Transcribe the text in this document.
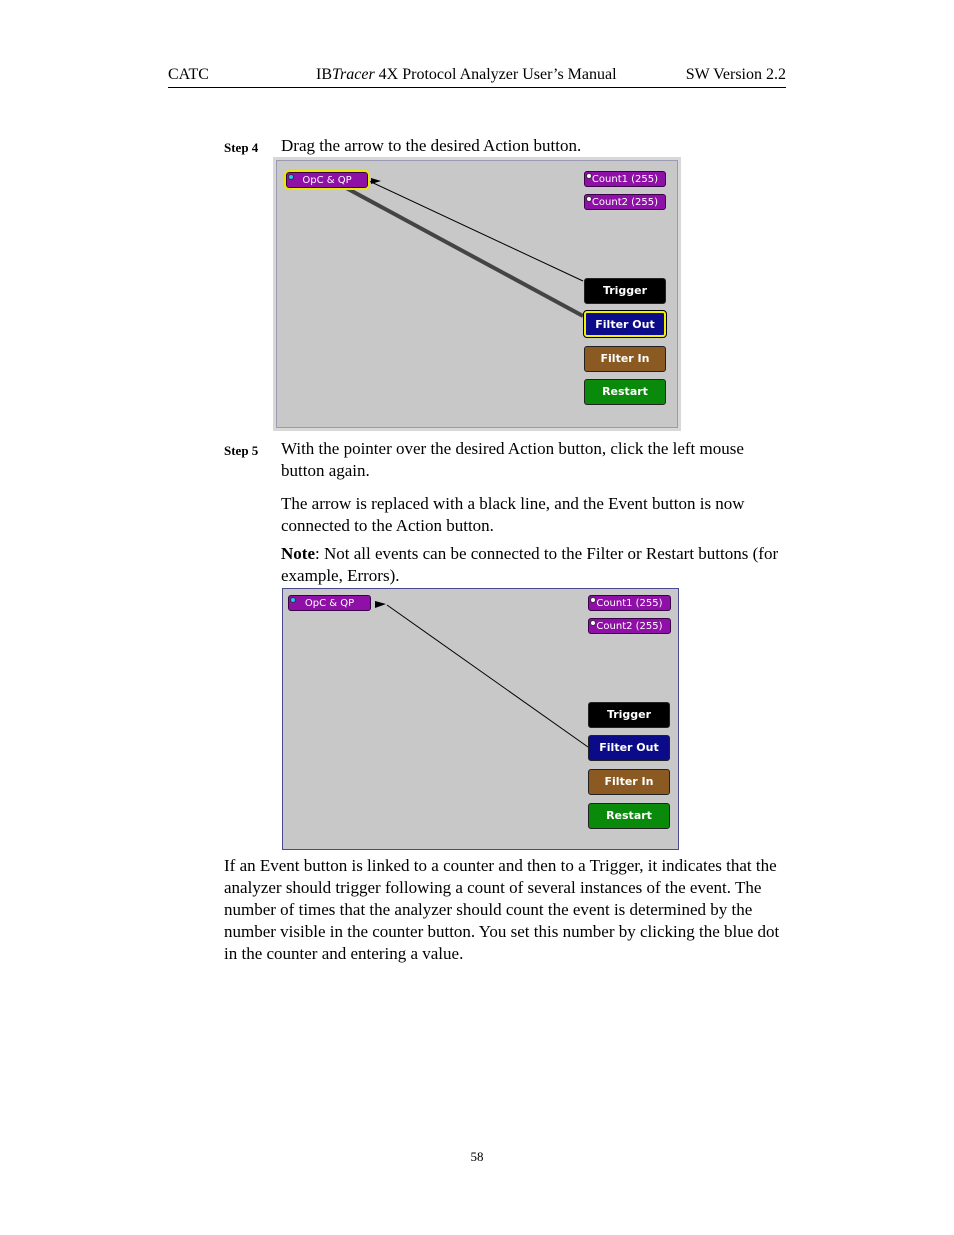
CATC	IBTracer 4X Protocol Analyzer User’s Manual	SW Version 2.2
Step 4 Drag the arrow to the desired Action button.
OpC & QP	Count1 (255)
Count2 (255)
Trigger
Filter Out
Filter In
Restart
Step 5 With the pointer over the desired Action button, click the left mouse button again.
The arrow is replaced with a black line, and the Event button is now connected to the Action button.
Note: Not all events can be connected to the Filter or Restart buttons (for example, Errors).
OpC & QP	Count1 (255)
Count2 (255)
Trigger
Filter Out
Filter In
Restart
If an Event button is linked to a counter and then to a Trigger, it indicates that the analyzer should trigger following a count of several instances of the event. The number of times that the analyzer should count the event is determined by the number visible in the counter button. You set this number by clicking the blue dot in the counter and entering a value.
58
